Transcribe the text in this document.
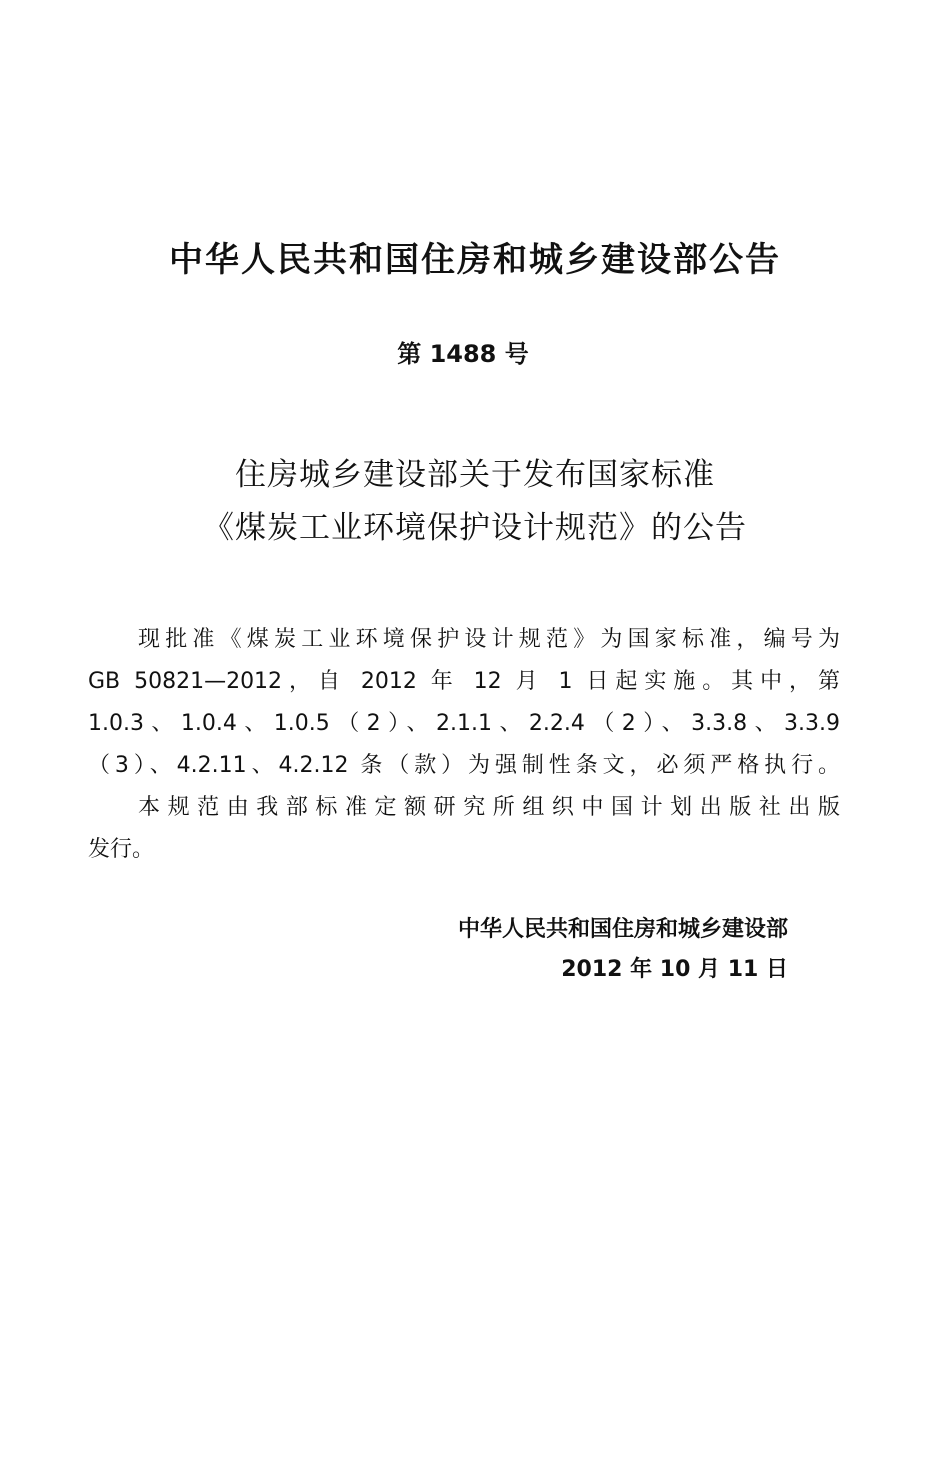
中华人民共和国住房和城乡建设部公告
第 1488 号
住房城乡建设部关于发布国家标准
《煤炭工业环境保护设计规范》的公告
现批准《煤炭工业环境保护设计规范》为国家标准，编号为
GB 50821—2012，自 2012 年 12 月 1 日起实施。其中，第
1.0.3、1.0.4、1.0.5（2）、2.1.1、2.2.4（2）、3.3.8、3.3.9
（3）、4.2.11、4.2.12 条（款）为强制性条文，必须严格执行。
本规范由我部标准定额研究所组织中国计划出版社出版
发行。
中华人民共和国住房和城乡建设部
2012 年 10 月 11 日
